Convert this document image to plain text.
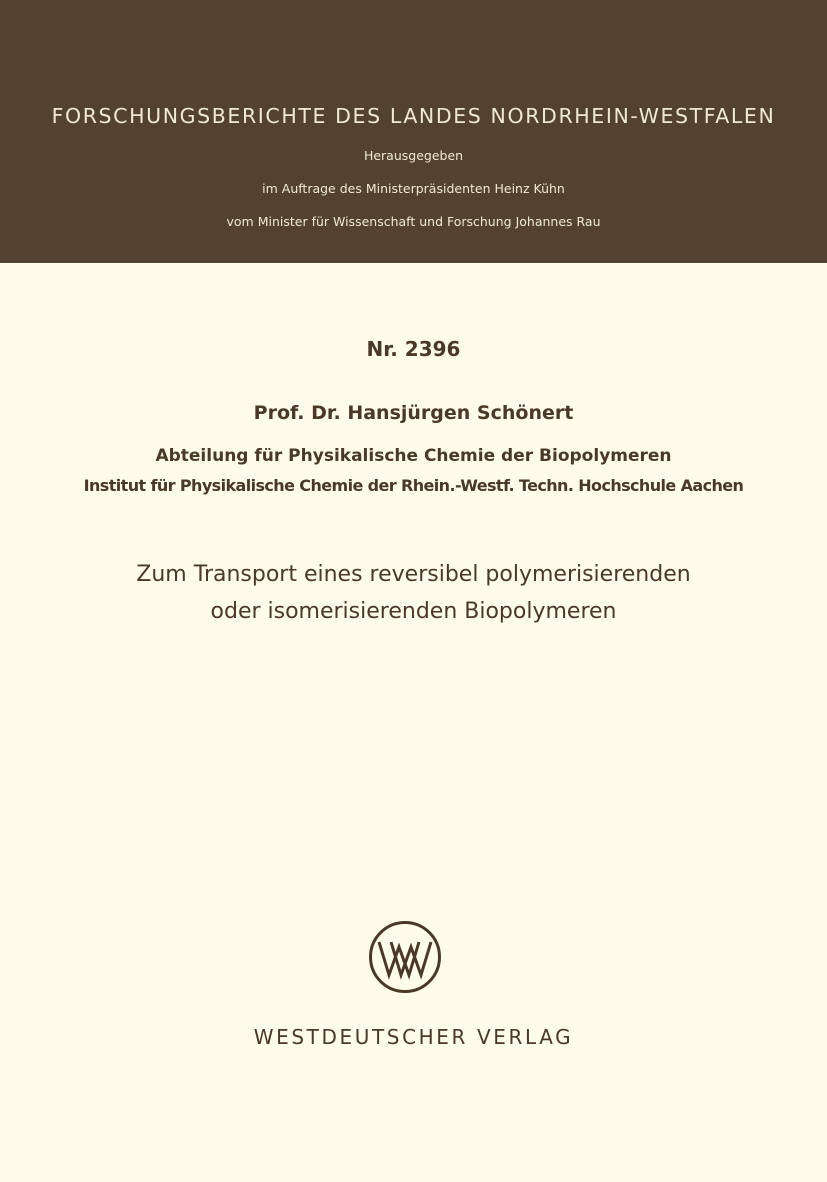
FORSCHUNGSBERICHTE DES LANDES NORDRHEIN-WESTFALEN
Herausgegeben
im Auftrage des Ministerpräsidenten Heinz Kühn
vom Minister für Wissenschaft und Forschung Johannes Rau
Nr. 2396
Prof. Dr. Hansjürgen Schönert
Abteilung für Physikalische Chemie der Biopolymeren
Institut für Physikalische Chemie der Rhein.-Westf. Techn. Hochschule Aachen
Zum Transport eines reversibel polymerisierenden
oder isomerisierenden Biopolymeren
WESTDEUTSCHER VERLAG
